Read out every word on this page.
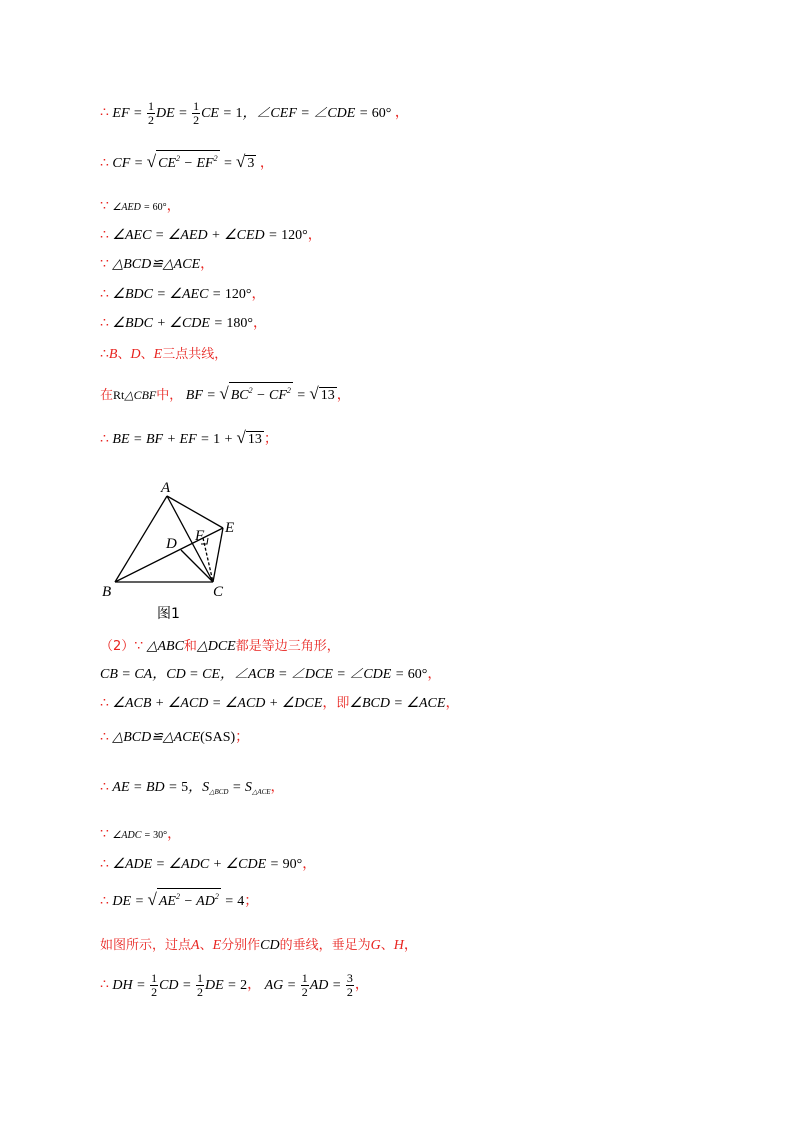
∴ EF = $\frac{1}{2}$ DE = $\frac{1}{2}$ CE = 1，∠CEF = ∠CDE = 60° ，
∴ CF = √ $CE^2 - EF^2$ = √ 3 ，
∵ ∠AED = 60°，
∴ ∠AEC = ∠AED + ∠CED = 120°，
∵ △BCD≌△ACE，
∴ ∠BDC = ∠AEC = 120°，
∴ ∠BDC + ∠CDE = 180°，
∴B、D、E三点共线，
在Rt△CBF中， BF = √ $BC^2 - CF^2$ = √ 13 ，
∴ BE = BF + EF = 1 + √ 13 ；
A
B	C
D
E
F
图1
（2）∵ △ABC和△DCE都是等边三角形，
CB = CA，CD = CE，∠ACB = ∠DCE = ∠CDE = 60°，
∴ ∠ACB + ∠ACD = ∠ACD + ∠DCE，即∠BCD = ∠ACE，
∴ △BCD≌△ACE(SAS)；
∴ AE = BD = 5，$S_{\triangle BCD} = S_{\triangle ACE}$，
∵ ∠ADC = 30°，
∴ ∠ADE = ∠ADC + ∠CDE = 90°，
∴ DE = √ $AE^2 - AD^2 = 4$；
如图所示，过点A、E分别作CD的垂线，垂足为G、H，
∴ DH = $\frac{1}{2}$ CD = $\frac{1}{2}$ DE = 2， AG = $\frac{1}{2}$ AD = $\frac{3}{2}$ ，
